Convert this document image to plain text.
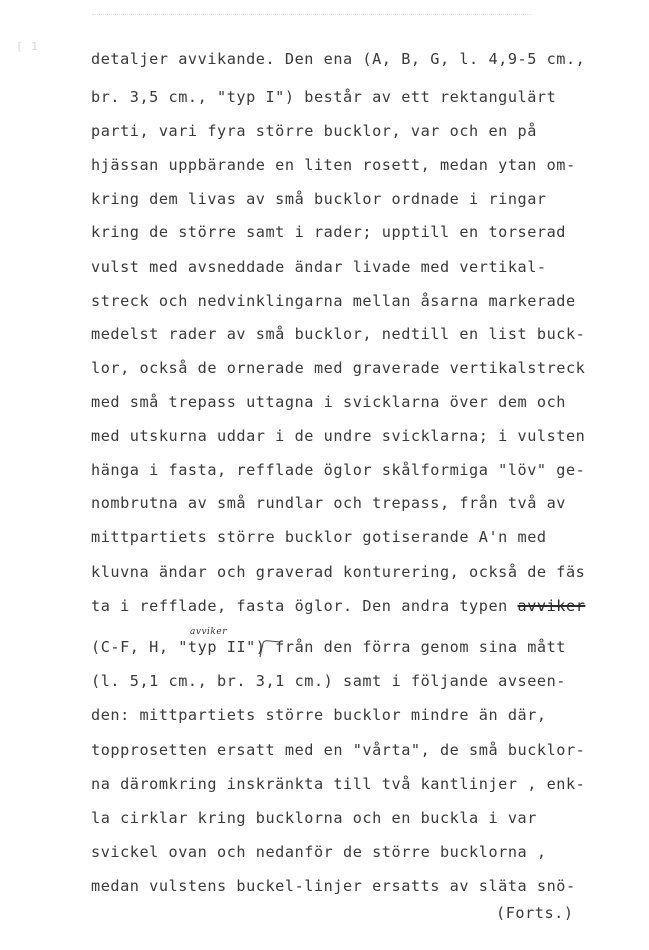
[ 1
detaljer avvikande. Den ena (A, B, G, l. 4,9-5 cm.,
br. 3,5 cm., "typ I") består av ett rektangulärt
parti, vari fyra större bucklor, var och en på
hjässan uppbärande en liten rosett, medan ytan om-
kring dem livas av små bucklor ordnade i ringar
kring de större samt i rader; upptill en torserad
vulst med avsneddade ändar livade med vertikal-
streck och nedvinklingarna mellan åsarna markerade
medelst rader av små bucklor, nedtill en list buck-
lor, också de ornerade med graverade vertikalstreck
med små trepass uttagna i svicklarna över dem och
med utskurna uddar i de undre svicklarna; i vulsten
hänga i fasta, refflade öglor skålformiga "löv" ge-
nombrutna av små rundlar och trepass, från två av
mittpartiets större bucklor gotiserande A'n med
kluvna ändar och graverad konturering, också de fäs
ta i refflade, fasta öglor. Den andra typen avviker
avviker
(C-F, H, "typ II") från den förra genom sina mått
(l. 5,1 cm., br. 3,1 cm.) samt i följande avseen-
den: mittpartiets större bucklor mindre än där,
topprosetten ersatt med en "vårta", de små bucklor-
na däromkring inskränkta till två kantlinjer , enk-
la cirklar kring bucklorna och en buckla i var
svickel ovan och nedanför de större bucklorna ,
medan vulstens buckel-linjer ersatts av släta snö-
(Forts.)
